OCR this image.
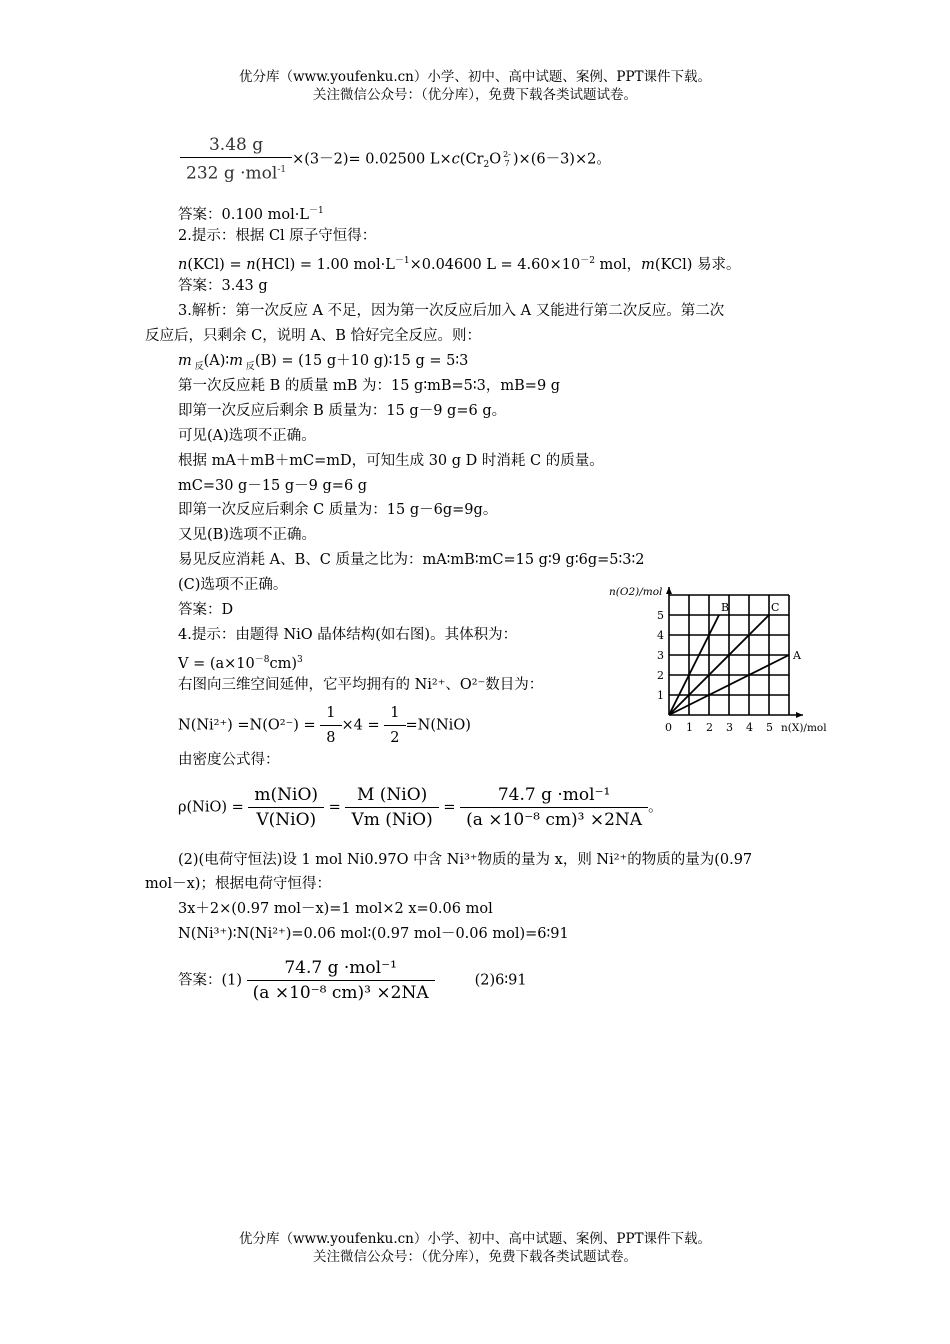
优分库（www.youfenku.cn）小学、初中、高中试题、案例、PPT课件下载。
关注微信公众号：（优分库），免费下载各类试题试卷。
$\frac{3.48 g}{232 g \cdot mol^{-1}} \times(3-2)= 0.02500$ $L\times c(Cr_2O$ 2-
7 )×(6－3)×2。
答案：0.100 $mol\cdot L^{-1}$
2.提示：根据 Cl 原子守恒得：
n(KCl) = n(HCl) = 1.00 $mol\cdot L^{-1}\times 0.04600$ $L = 4.60\times 10^{-2}$ mol，m(KCl) 易求。
答案：3.43 g
3.解析：第一次反应 A 不足，因为第一次反应后加入 A 又能进行第二次反应。第二次
反应后，只剩余 C，说明 A、B 恰好完全反应。则：
m $_反$(A)∶m $_反$(B) = (15 g＋10 g)∶15 g = 5∶3
第一次反应耗 B 的质量 mB 为：15 g∶mB=5∶3，mB=9 g
即第一次反应后剩余 B 质量为：15 g－9 g=6 g。
可见(A)选项不正确。
根据 mA＋mB＋mC=mD，可知生成 30 g D 时消耗 C 的质量。
mC=30 g－15 g－9 g=6 g
即第一次反应后剩余 C 质量为：15 g－6g=9g。
又见(B)选项不正确。
易见反应消耗 A、B、C 质量之比为：mA∶mB∶mC=15 g∶9 g∶6g=5∶3∶2
(C)选项不正确。
答案：D
4.提示：由题得 NiO 晶体结构(如右图)。其体积为：
$V = (a\times 10^{-8}cm)^3$
右图向三维空间延伸，它平均拥有的 Ni²⁺、O²⁻数目为：
$N(Ni^{2+}) =N(O^{2-}) = \frac{1}{8} \times 4 = \frac{1}{2} =N(NiO)$
由密度公式得：
$\rho(NiO) = \frac{\text{m(NiO)}}{\text{V(NiO)}} = \frac{\text{M (NiO)}}{\text{Vm (NiO)}} = \frac{\text{74.7 g ·mol⁻¹}}{\text{(a ×10⁻⁸ cm)³ ×2NA}}$ 。
(2)(电荷守恒法)设 1 mol Ni0.97O 中含 Ni³⁺物质的量为 x，则 Ni²⁺的物质的量为(0.97
mol－x)；根据电荷守恒得：
3x＋2×(0.97 mol－x)=1 mol×2 x=0.06 mol
N(Ni³⁺)∶N(Ni²⁺)=0.06 mol∶(0.97 mol－0.06 mol)=6∶91
答案：$(1) \frac{\text{74.7 g ·mol⁻¹}}{\text{(a ×10⁻⁸ cm)³ ×2NA}}$	(2)6∶91
0 1 2 3 4 5
1
2
3
4
5
n(O2)/mol
n(X)/mol
B	C
A
优分库（www.youfenku.cn）小学、初中、高中试题、案例、PPT课件下载。
关注微信公众号：（优分库），免费下载各类试题试卷。
